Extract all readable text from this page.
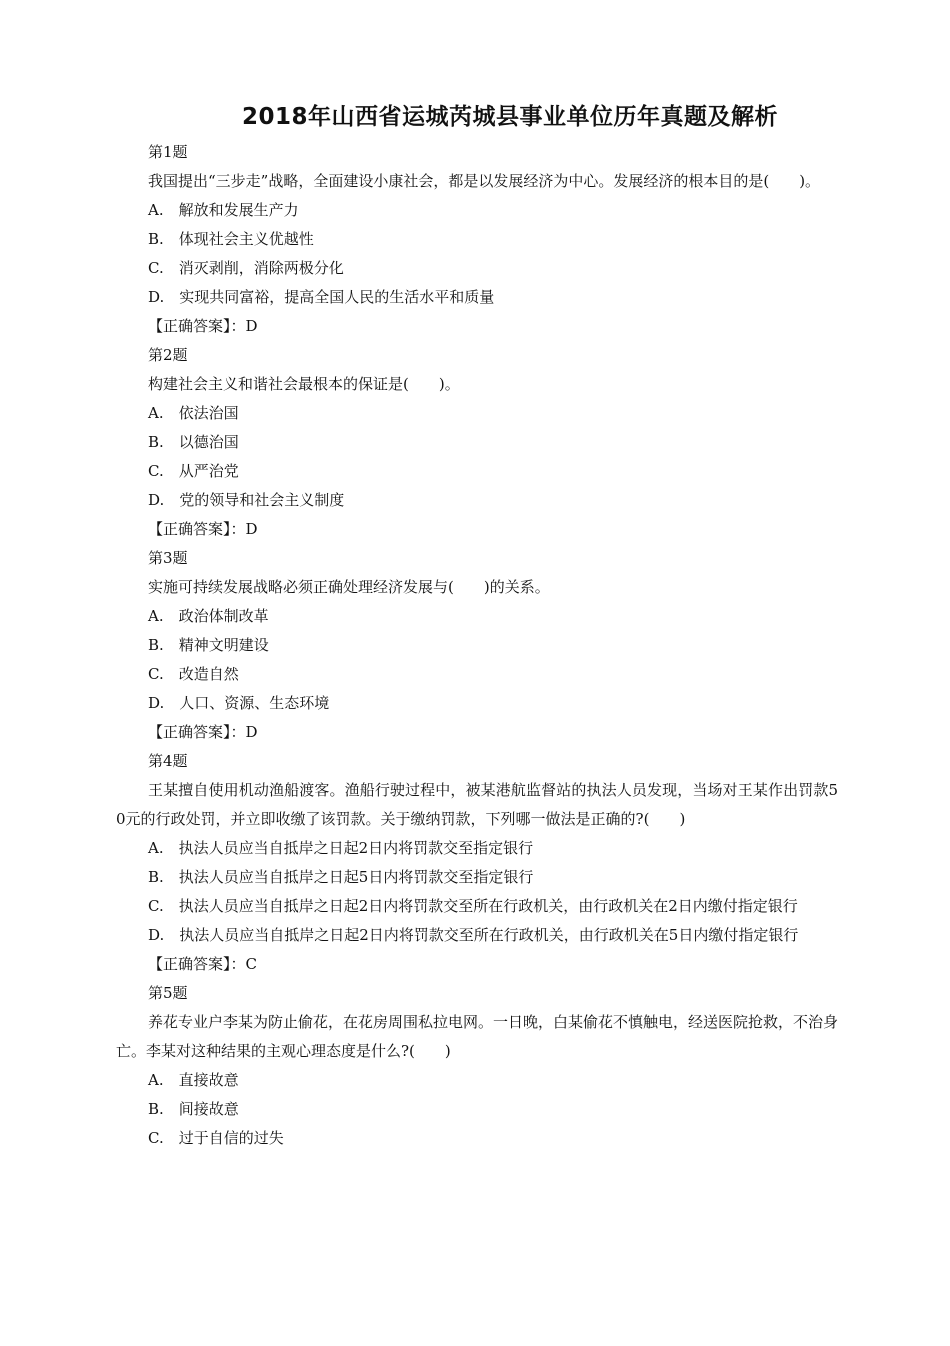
2018年山西省运城芮城县事业单位历年真题及解析
第1题
我国提出“三步走”战略，全面建设小康社会，都是以发展经济为中心。发展经济的根本目的是(　　)。
A.　解放和发展生产力
B.　体现社会主义优越性
C.　消灭剥削，消除两极分化
D.　实现共同富裕，提高全国人民的生活水平和质量
【正确答案】：D
第2题
构建社会主义和谐社会最根本的保证是(　　)。
A.　依法治国
B.　以德治国
C.　从严治党
D.　党的领导和社会主义制度
【正确答案】：D
第3题
实施可持续发展战略必须正确处理经济发展与(　　)的关系。
A.　政治体制改革
B.　精神文明建设
C.　改造自然
D.　人口、资源、生态环境
【正确答案】：D
第4题
王某擅自使用机动渔船渡客。渔船行驶过程中，被某港航监督站的执法人员发现，当场对王某作出罚款50元的行政处罚，并立即收缴了该罚款。关于缴纳罚款，下列哪一做法是正确的?(　　)
A.　执法人员应当自抵岸之日起2日内将罚款交至指定银行
B.　执法人员应当自抵岸之日起5日内将罚款交至指定银行
C.　执法人员应当自抵岸之日起2日内将罚款交至所在行政机关，由行政机关在2日内缴付指定银行
D.　执法人员应当自抵岸之日起2日内将罚款交至所在行政机关，由行政机关在5日内缴付指定银行
【正确答案】：C
第5题
养花专业户李某为防止偷花，在花房周围私拉电网。一日晚，白某偷花不慎触电，经送医院抢救，不治身亡。李某对这种结果的主观心理态度是什么?(　　)
A.　直接故意
B.　间接故意
C.　过于自信的过失
